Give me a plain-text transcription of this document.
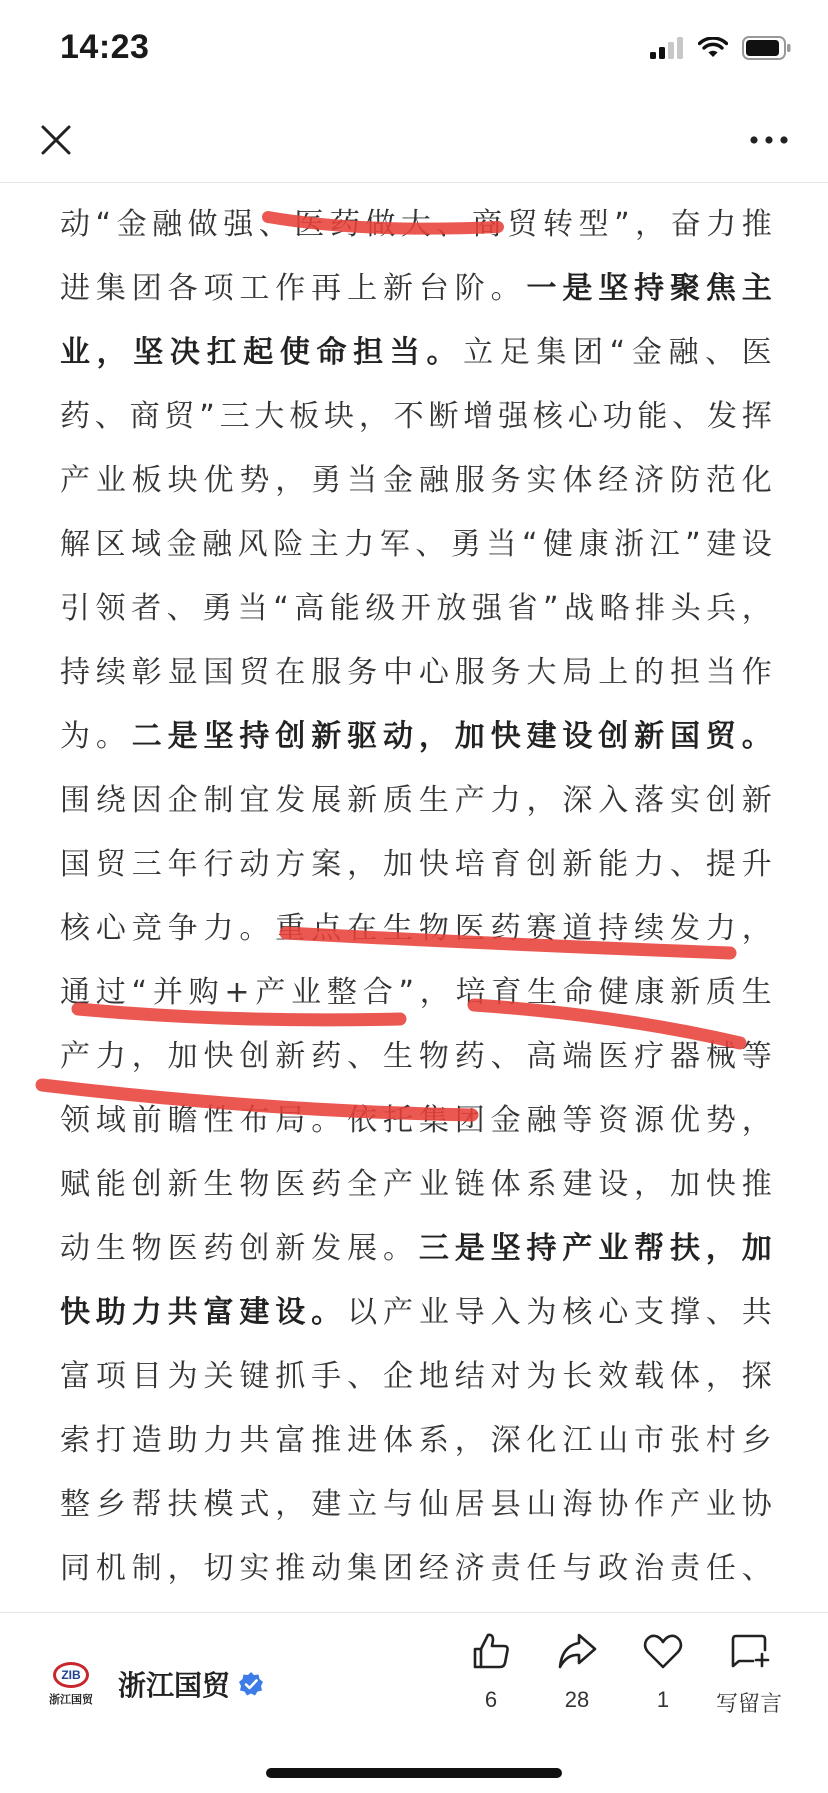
14:23

动“金融做强、医药做大、商贸转型”，奋力推进集团各项工作再上新台阶。一是坚持聚焦主业，坚决扛起使命担当。立足集团“金融、医药、商贸”三大板块，不断增强核心功能、发挥产业板块优势，勇当金融服务实体经济防范化解区域金融风险主力军、勇当“健康浙江”建设引领者、勇当“高能级开放强省”战略排头兵，持续彰显国贸在服务中心服务大局上的担当作为。二是坚持创新驱动，加快建设创新国贸。围绕因企制宜发展新质生产力，深入落实创新国贸三年行动方案，加快培育创新能力、提升核心竞争力。重点在生物医药赛道持续发力，通过“并购+产业整合”，培育生命健康新质生产力，加快创新药、生物药、高端医疗器械等领域前瞻性布局。依托集团金融等资源优势，赋能创新生物医药全产业链体系建设，加快推动生物医药创新发展。三是坚持产业帮扶，加快助力共富建设。以产业导入为核心支撑、共富项目为关键抓手、企地结对为长效载体，探索打造助力共富推进体系，深化江山市张村乡整乡帮扶模式，建立与仙居县山海协作产业协同机制，切实推动集团经济责任与政治责任、

ZIB
浙江国贸 浙江国贸	6	28	1 写留言
